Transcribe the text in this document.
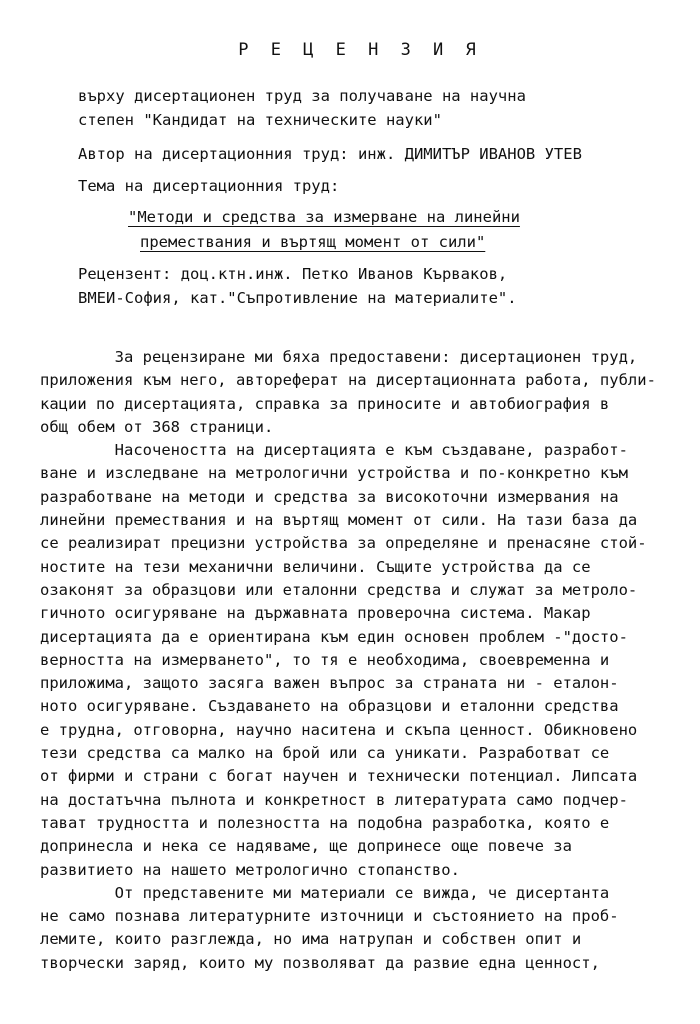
Р Е Ц Е Н З И Я
върху дисертационен труд за получаване на научна
степен "Кандидат на техническите науки"
Автор на дисертационния труд: инж. ДИМИТЪР ИВАНОВ УТЕВ
Тема на дисертационния труд:
"Методи и средства за измерване на линейни
премествания и въртящ момент от сили"
Рецензент: доц.ктн.инж. Петко Иванов Кърваков,
ВМЕИ-София, кат."Съпротивление на материалите".
За рецензиране ми бяха предоставени: дисертационен труд,
приложения към него, автореферат на дисертационната работа, публи-
кации по дисертацията, справка за приносите и автобиография в
общ обем от 368 страници.
Насочеността на дисертацията е към създаване, разработ-
ване и изследване на метрологични устройства и по-конкретно към
разработване на методи и средства за високоточни измервания на
линейни премествания и на въртящ момент от сили. На тази база да
се реализират прецизни устройства за определяне и пренасяне стой-
ностите на тези механични величини. Същите устройства да се
озаконят за образцови или еталонни средства и служат за метроло-
гичното осигуряване на държавната проверочна система. Макар
дисертацията да е ориентирана към един основен проблем -"досто-
верността на измерването", то тя е необходима, своевременна и
приложима, защото засяга важен въпрос за страната ни - еталон-
ното осигуряване. Създаването на образцови и еталонни средства
е трудна, отговорна, научно наситена и скъпа ценност. Обикновено
тези средства са малко на брой или са уникати. Разработват се
от фирми и страни с богат научен и технически потенциал. Липсата
на достатъчна пълнота и конкретност в литературата само подчер-
тават трудността и полезността на подобна разработка, която е
допринесла и нека се надяваме, ще допринесе още повече за
развитието на нашето метрологично стопанство.
От представените ми материали се вижда, че дисертанта
не само познава литературните източници и състоянието на проб-
лемите, които разглежда, но има натрупан и собствен опит и
творчески заряд, които му позволяват да развие една ценност,
